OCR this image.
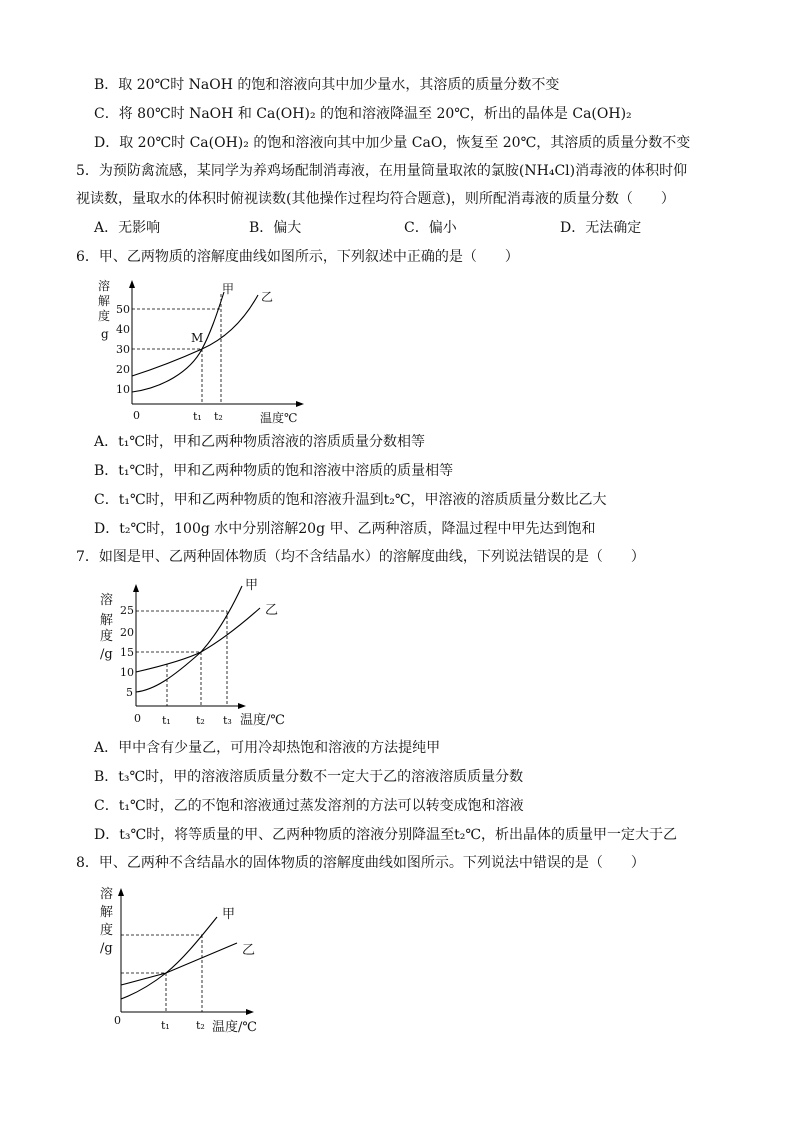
B．取 20℃时 NaOH 的饱和溶液向其中加少量水，其溶质的质量分数不变
C．将 80℃时 NaOH 和 Ca(OH)₂ 的饱和溶液降温至 20℃，析出的晶体是 Ca(OH)₂
D．取 20℃时 Ca(OH)₂ 的饱和溶液向其中加少量 CaO，恢复至 20℃，其溶质的质量分数不变
5．为预防禽流感，某同学为养鸡场配制消毒液，在用量筒量取浓的氯胺(NH₄Cl)消毒液的体积时仰
视读数，量取水的体积时俯视读数(其他操作过程均符合题意)，则所配消毒液的质量分数（　　）
A．无影响	B．偏大	C．偏小	D．无法确定
6．甲、乙两物质的溶解度曲线如图所示，下列叙述中正确的是（　　）
溶
解
度
g
50
40
30
20
10
甲
乙
M
0	t₁ t₂	温度℃
A．t₁℃时，甲和乙两种物质溶液的溶质质量分数相等
B．t₁℃时，甲和乙两种物质的饱和溶液中溶质的质量相等
C．t₁℃时，甲和乙两种物质的饱和溶液升温到t₂℃，甲溶液的溶质质量分数比乙大
D．t₂℃时，100g 水中分别溶解20g 甲、乙两种溶质，降温过程中甲先达到饱和
7．如图是甲、乙两种固体物质（均不含结晶水）的溶解度曲线，下列说法错误的是（　　）
溶
解
度
/g
25
20
15
10
5
甲
乙
0 t₁ t₂ t₃ 温度/℃
A．甲中含有少量乙，可用冷却热饱和溶液的方法提纯甲
B．t₃℃时，甲的溶液溶质质量分数不一定大于乙的溶液溶质质量分数
C．t₁℃时，乙的不饱和溶液通过蒸发溶剂的方法可以转变成饱和溶液
D．t₃℃时，将等质量的甲、乙两种物质的溶液分别降温至t₂℃，析出晶体的质量甲一定大于乙
8．甲、乙两种不含结晶水的固体物质的溶解度曲线如图所示。下列说法中错误的是（　　）
溶
解
度
/g
甲
乙
0	t₁ t₂ 温度/℃
